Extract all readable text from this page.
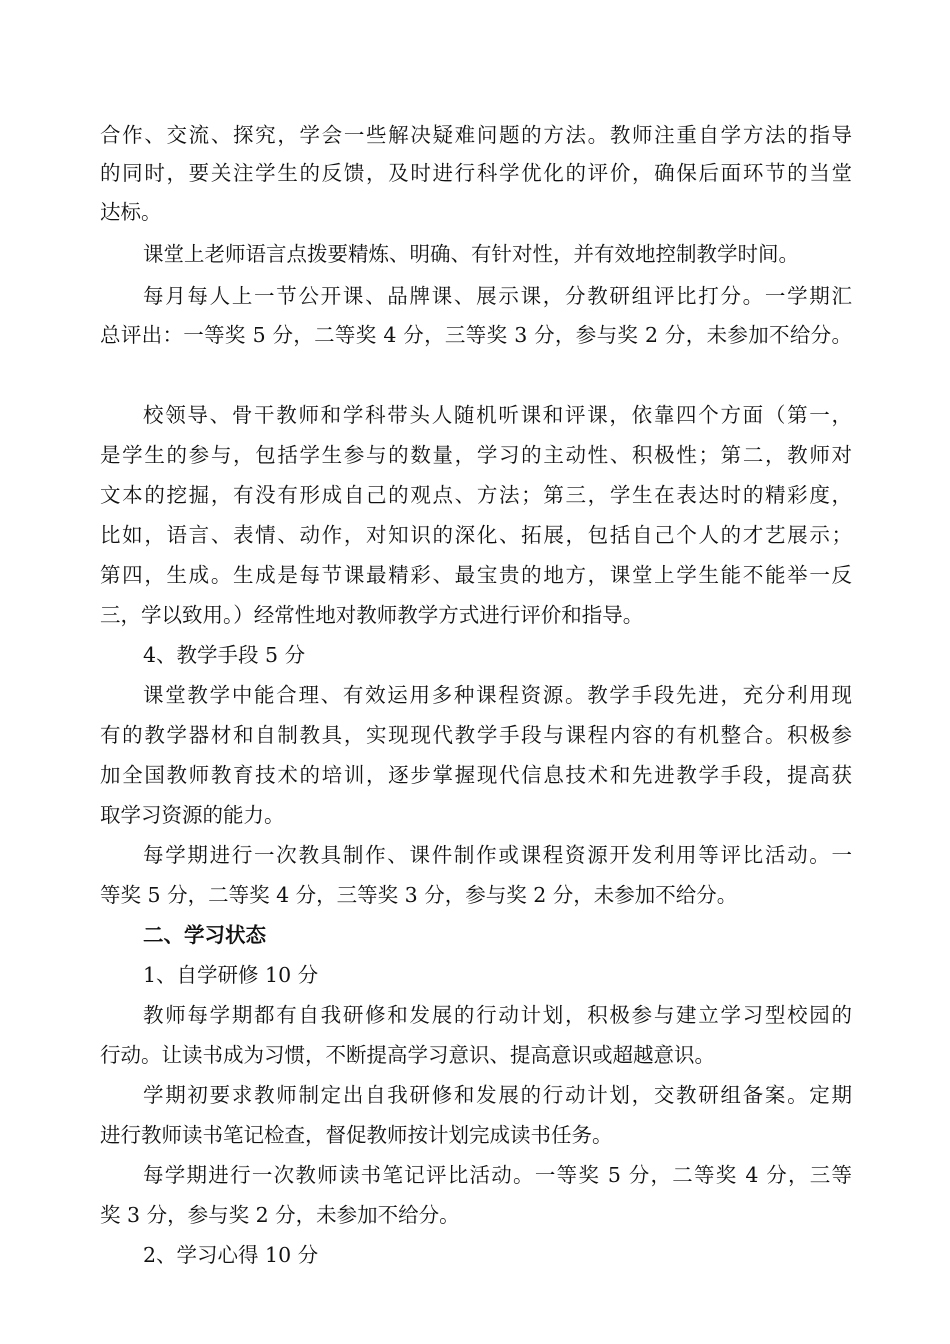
合作、交流、探究，学会一些解决疑难问题的方法。教师注重自学方法的指导
的同时，要关注学生的反馈，及时进行科学优化的评价，确保后面环节的当堂
达标。
课堂上老师语言点拨要精炼、明确、有针对性，并有效地控制教学时间。
每月每人上一节公开课、品牌课、展示课，分教研组评比打分。一学期汇
总评出：一等奖 5 分，二等奖 4 分，三等奖 3 分，参与奖 2 分，未参加不给分。
校领导、骨干教师和学科带头人随机听课和评课，依靠四个方面（第一，
是学生的参与，包括学生参与的数量，学习的主动性、积极性；第二，教师对
文本的挖掘，有没有形成自己的观点、方法；第三，学生在表达时的精彩度，
比如，语言、表情、动作，对知识的深化、拓展，包括自己个人的才艺展示；
第四，生成。生成是每节课最精彩、最宝贵的地方，课堂上学生能不能举一反
三，学以致用。）经常性地对教师教学方式进行评价和指导。
4、教学手段 5 分
课堂教学中能合理、有效运用多种课程资源。教学手段先进，充分利用现
有的教学器材和自制教具，实现现代教学手段与课程内容的有机整合。积极参
加全国教师教育技术的培训，逐步掌握现代信息技术和先进教学手段，提高获
取学习资源的能力。
每学期进行一次教具制作、课件制作或课程资源开发利用等评比活动。一
等奖 5 分，二等奖 4 分，三等奖 3 分，参与奖 2 分，未参加不给分。
二、学习状态
1、自学研修 10 分
教师每学期都有自我研修和发展的行动计划，积极参与建立学习型校园的
行动。让读书成为习惯，不断提高学习意识、提高意识或超越意识。
学期初要求教师制定出自我研修和发展的行动计划，交教研组备案。定期
进行教师读书笔记检查，督促教师按计划完成读书任务。
每学期进行一次教师读书笔记评比活动。一等奖 5 分，二等奖 4 分，三等
奖 3 分，参与奖 2 分，未参加不给分。
2、学习心得 10 分
